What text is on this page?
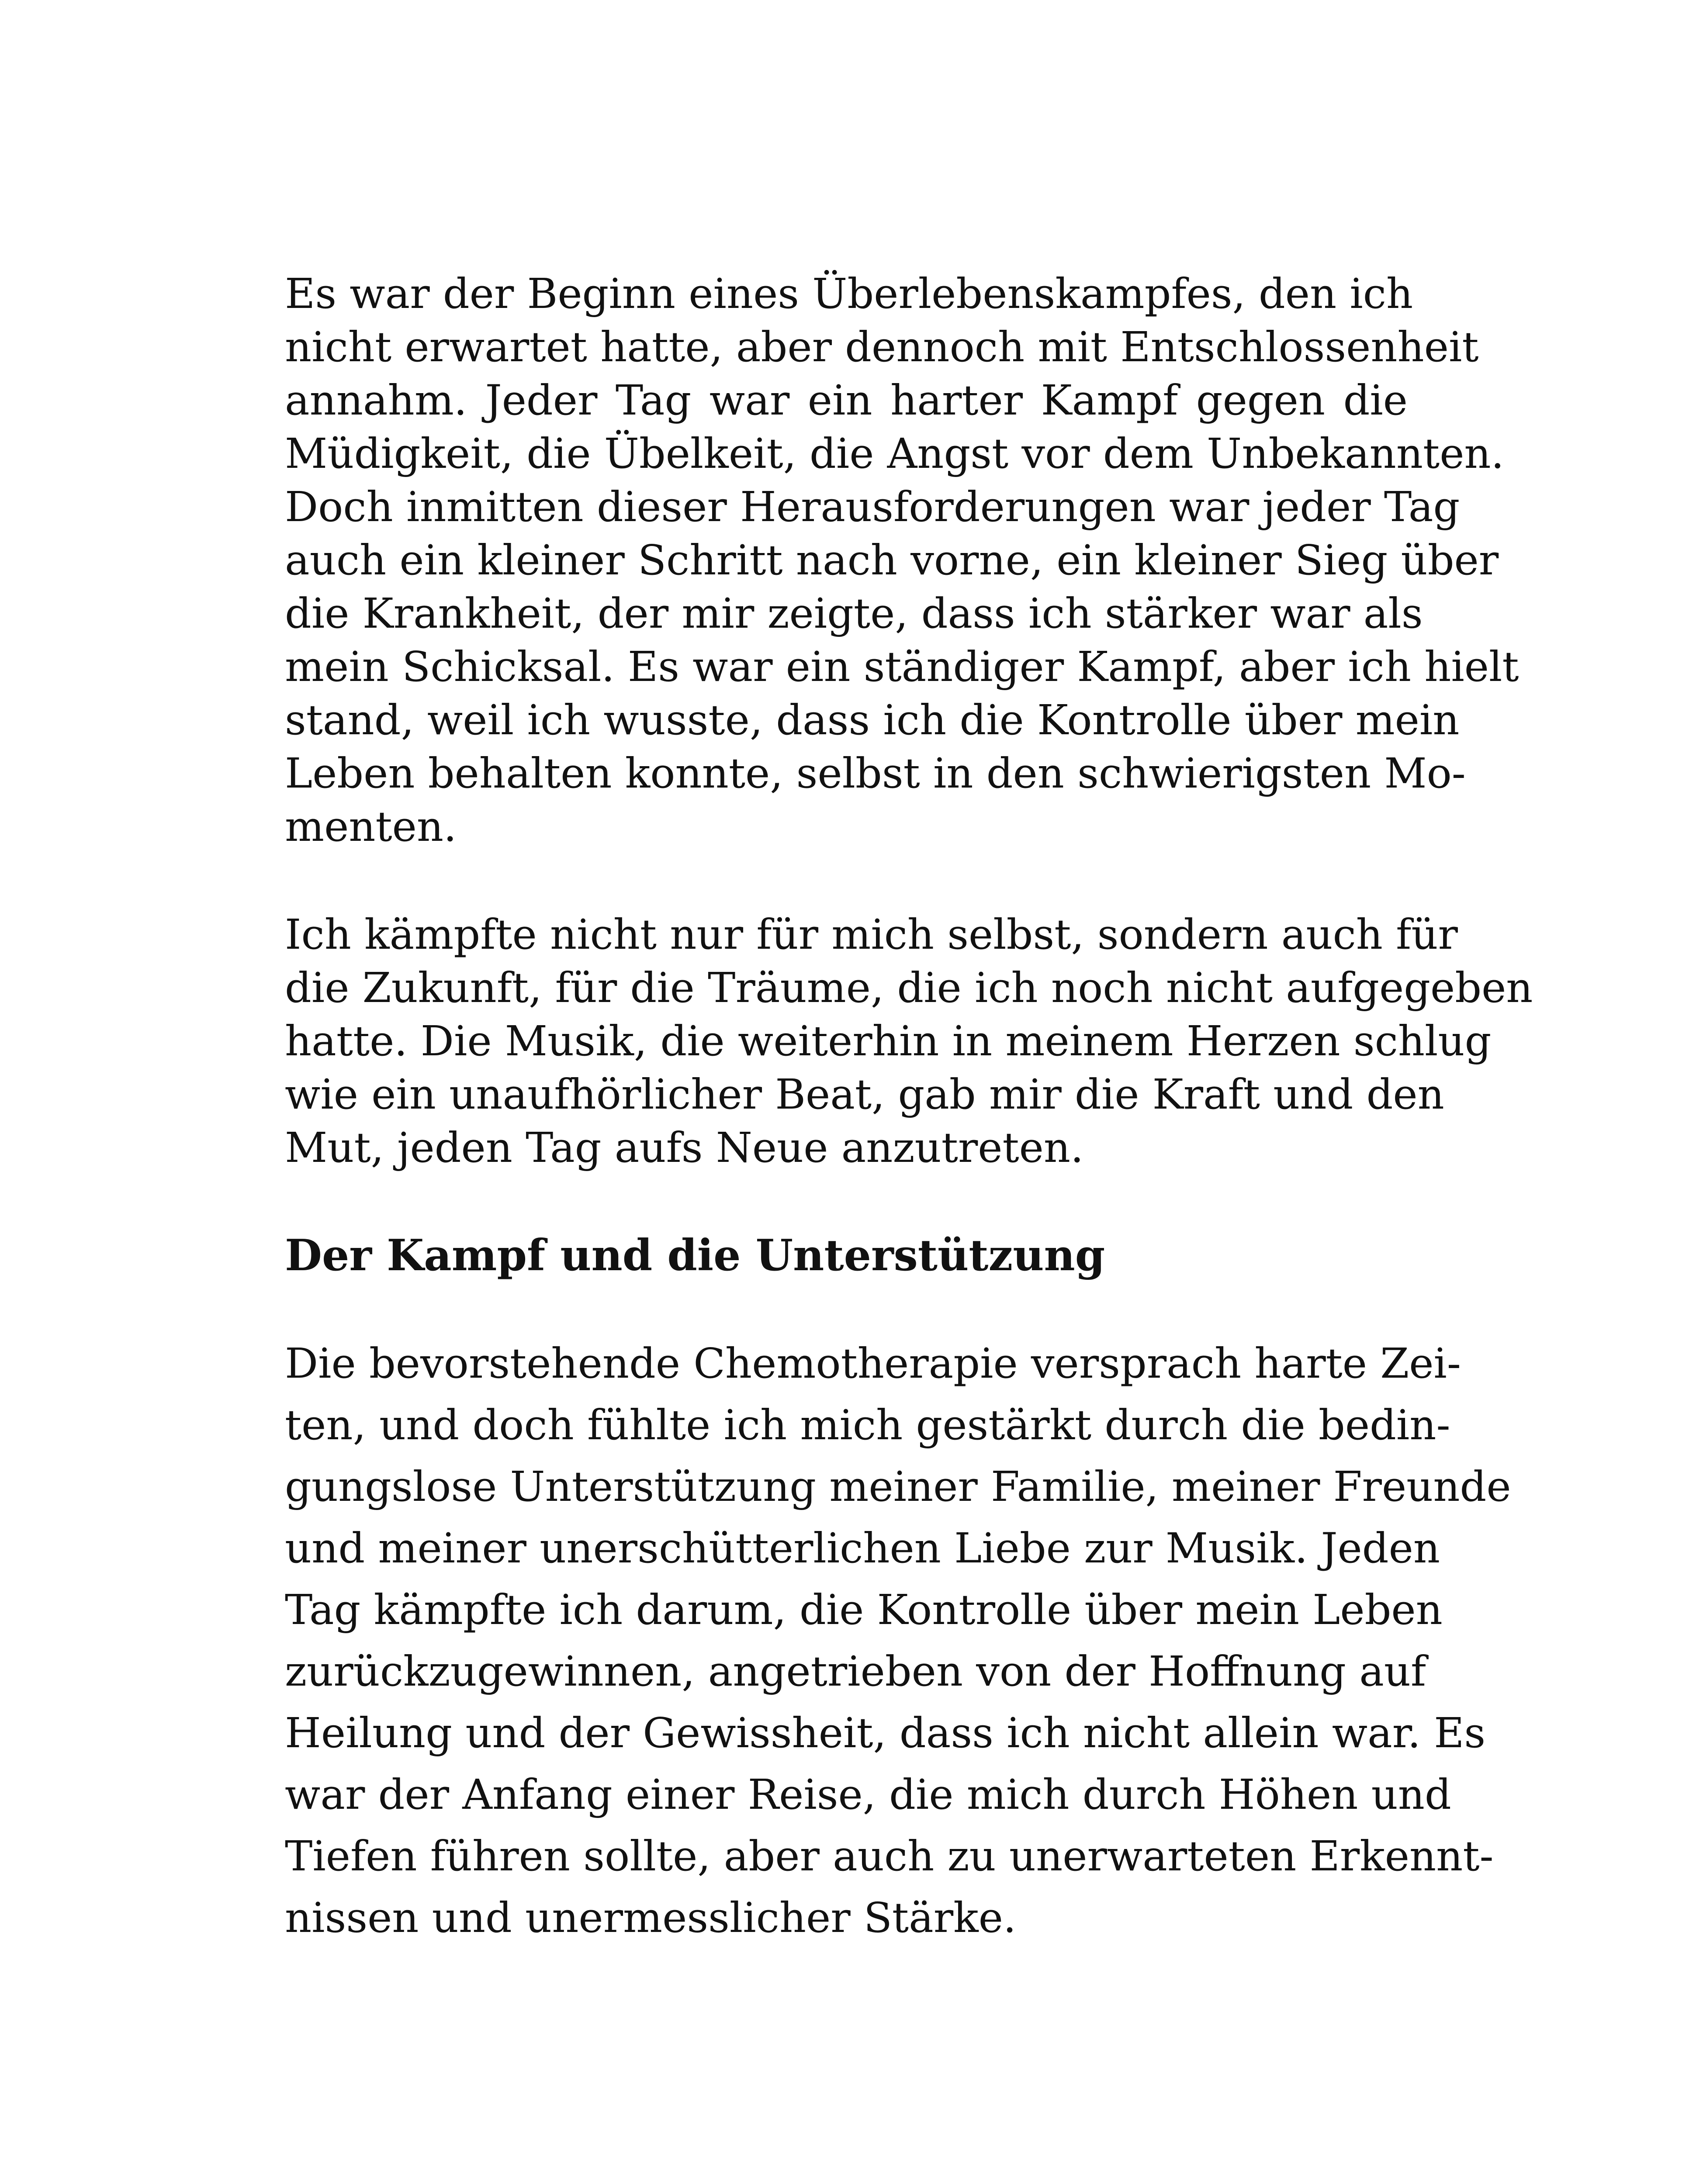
Es war der Beginn eines Überlebenskampfes, den ich
nicht erwartet hatte, aber dennoch mit Entschlossenheit
annahm. Jeder Tag war ein harter Kampf gegen die
Müdigkeit, die Übelkeit, die Angst vor dem Unbekannten.
Doch inmitten dieser Herausforderungen war jeder Tag
auch ein kleiner Schritt nach vorne, ein kleiner Sieg über
die Krankheit, der mir zeigte, dass ich stärker war als
mein Schicksal. Es war ein ständiger Kampf, aber ich hielt
stand, weil ich wusste, dass ich die Kontrolle über mein
Leben behalten konnte, selbst in den schwierigsten Mo-
menten.
Ich kämpfte nicht nur für mich selbst, sondern auch für
die Zukunft, für die Träume, die ich noch nicht aufgegeben
hatte. Die Musik, die weiterhin in meinem Herzen schlug
wie ein unaufhörlicher Beat, gab mir die Kraft und den
Mut, jeden Tag aufs Neue anzutreten.
Der Kampf und die Unterstützung
Die bevorstehende Chemotherapie versprach harte Zei-
ten, und doch fühlte ich mich gestärkt durch die bedin-
gungslose Unterstützung meiner Familie, meiner Freunde
und meiner unerschütterlichen Liebe zur Musik. Jeden
Tag kämpfte ich darum, die Kontrolle über mein Leben
zurückzugewinnen, angetrieben von der Hoffnung auf
Heilung und der Gewissheit, dass ich nicht allein war. Es
war der Anfang einer Reise, die mich durch Höhen und
Tiefen führen sollte, aber auch zu unerwarteten Erkennt-
nissen und unermesslicher Stärke.
